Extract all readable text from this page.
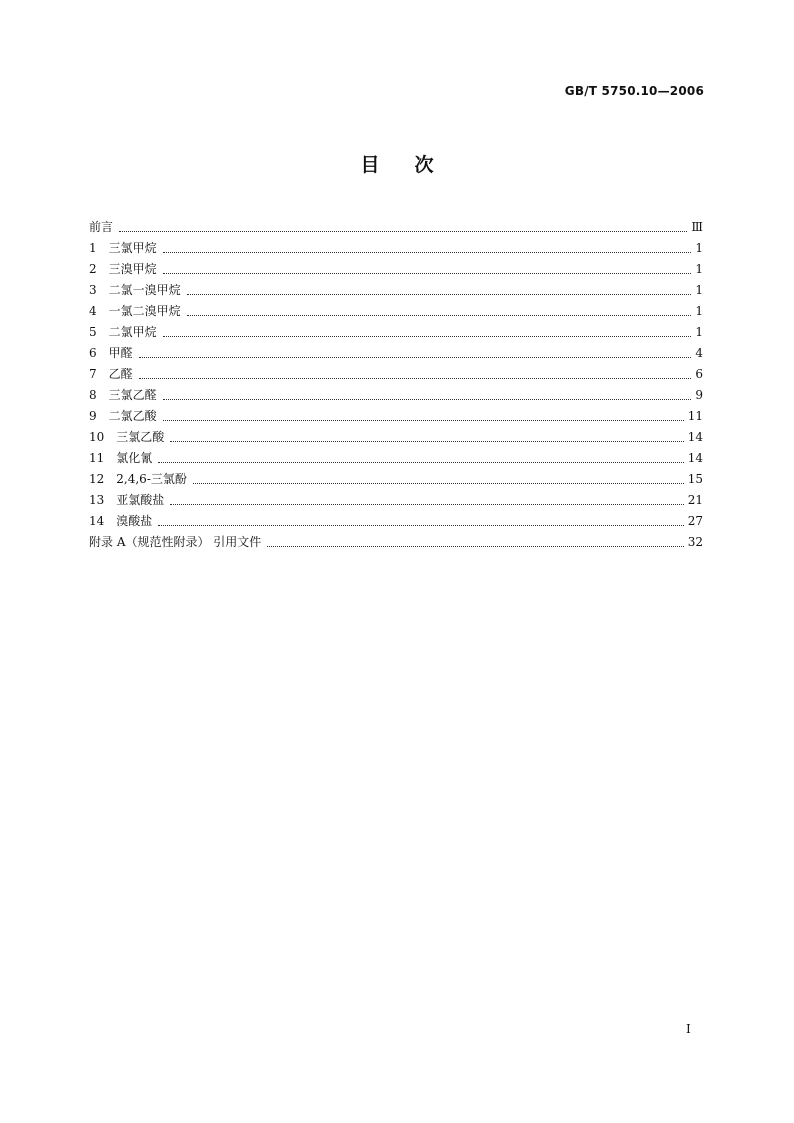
GB/T 5750.10—2006
目次
前言	Ⅲ
1 三氯甲烷	1
2 三溴甲烷	1
3 二氯一溴甲烷	1
4 一氯二溴甲烷	1
5 二氯甲烷	1
6 甲醛	4
7 乙醛	6
8 三氯乙醛	9
9 二氯乙酸	11
10 三氯乙酸	14
11 氯化氰	14
12 2,4,6-三氯酚	15
13 亚氯酸盐	21
14 溴酸盐	27
附录 A（规范性附录） 引用文件	32
I
